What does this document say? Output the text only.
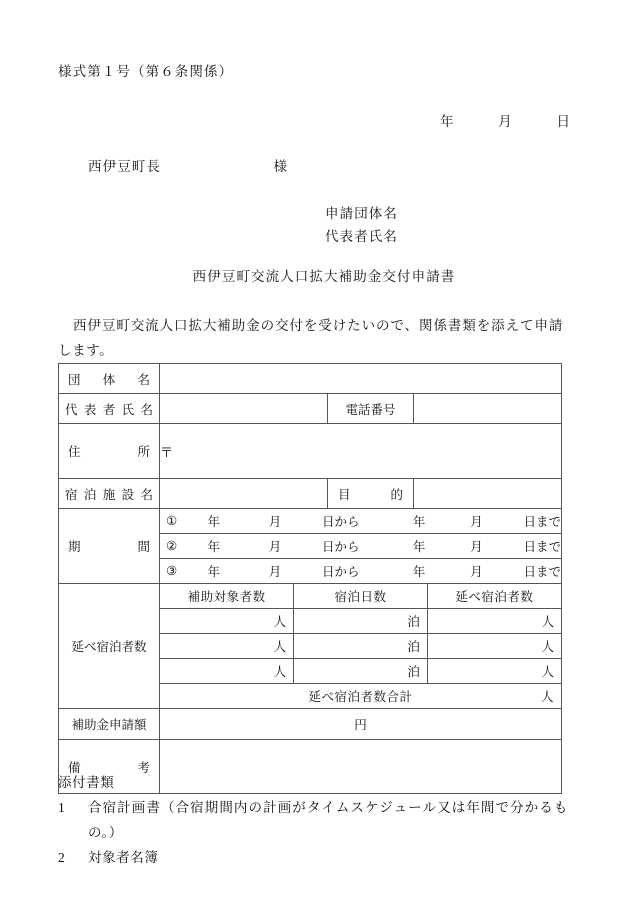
様式第１号（第６条関係）
年	月	日
西伊豆町長	様
申請団体名
代表者氏名
西伊豆町交流人口拡大補助金交付申請書
西伊豆町交流人口拡大補助金の交付を受けたいので、関係書類を添えて申請します。
団 体 名

代 表 者 氏 名		電話番号

住	所	〒

宿 泊 施 設 名		目	的

期	間

①	年	月	日から	年	月	日まで

②	年	月	日から	年	月	日まで

③	年	月	日から	年	月	日まで

延べ宿泊者数

補助対象者数	宿泊日数	延べ宿泊者数
人	泊	人
人	泊	人
人	泊	人
延べ宿泊者数合計	人

補助金申請額	円

備	考

添付書類
1	合宿計画書（合宿期間内の計画がタイムスケジュール又は年間で分かるもの。）
2	対象者名簿
